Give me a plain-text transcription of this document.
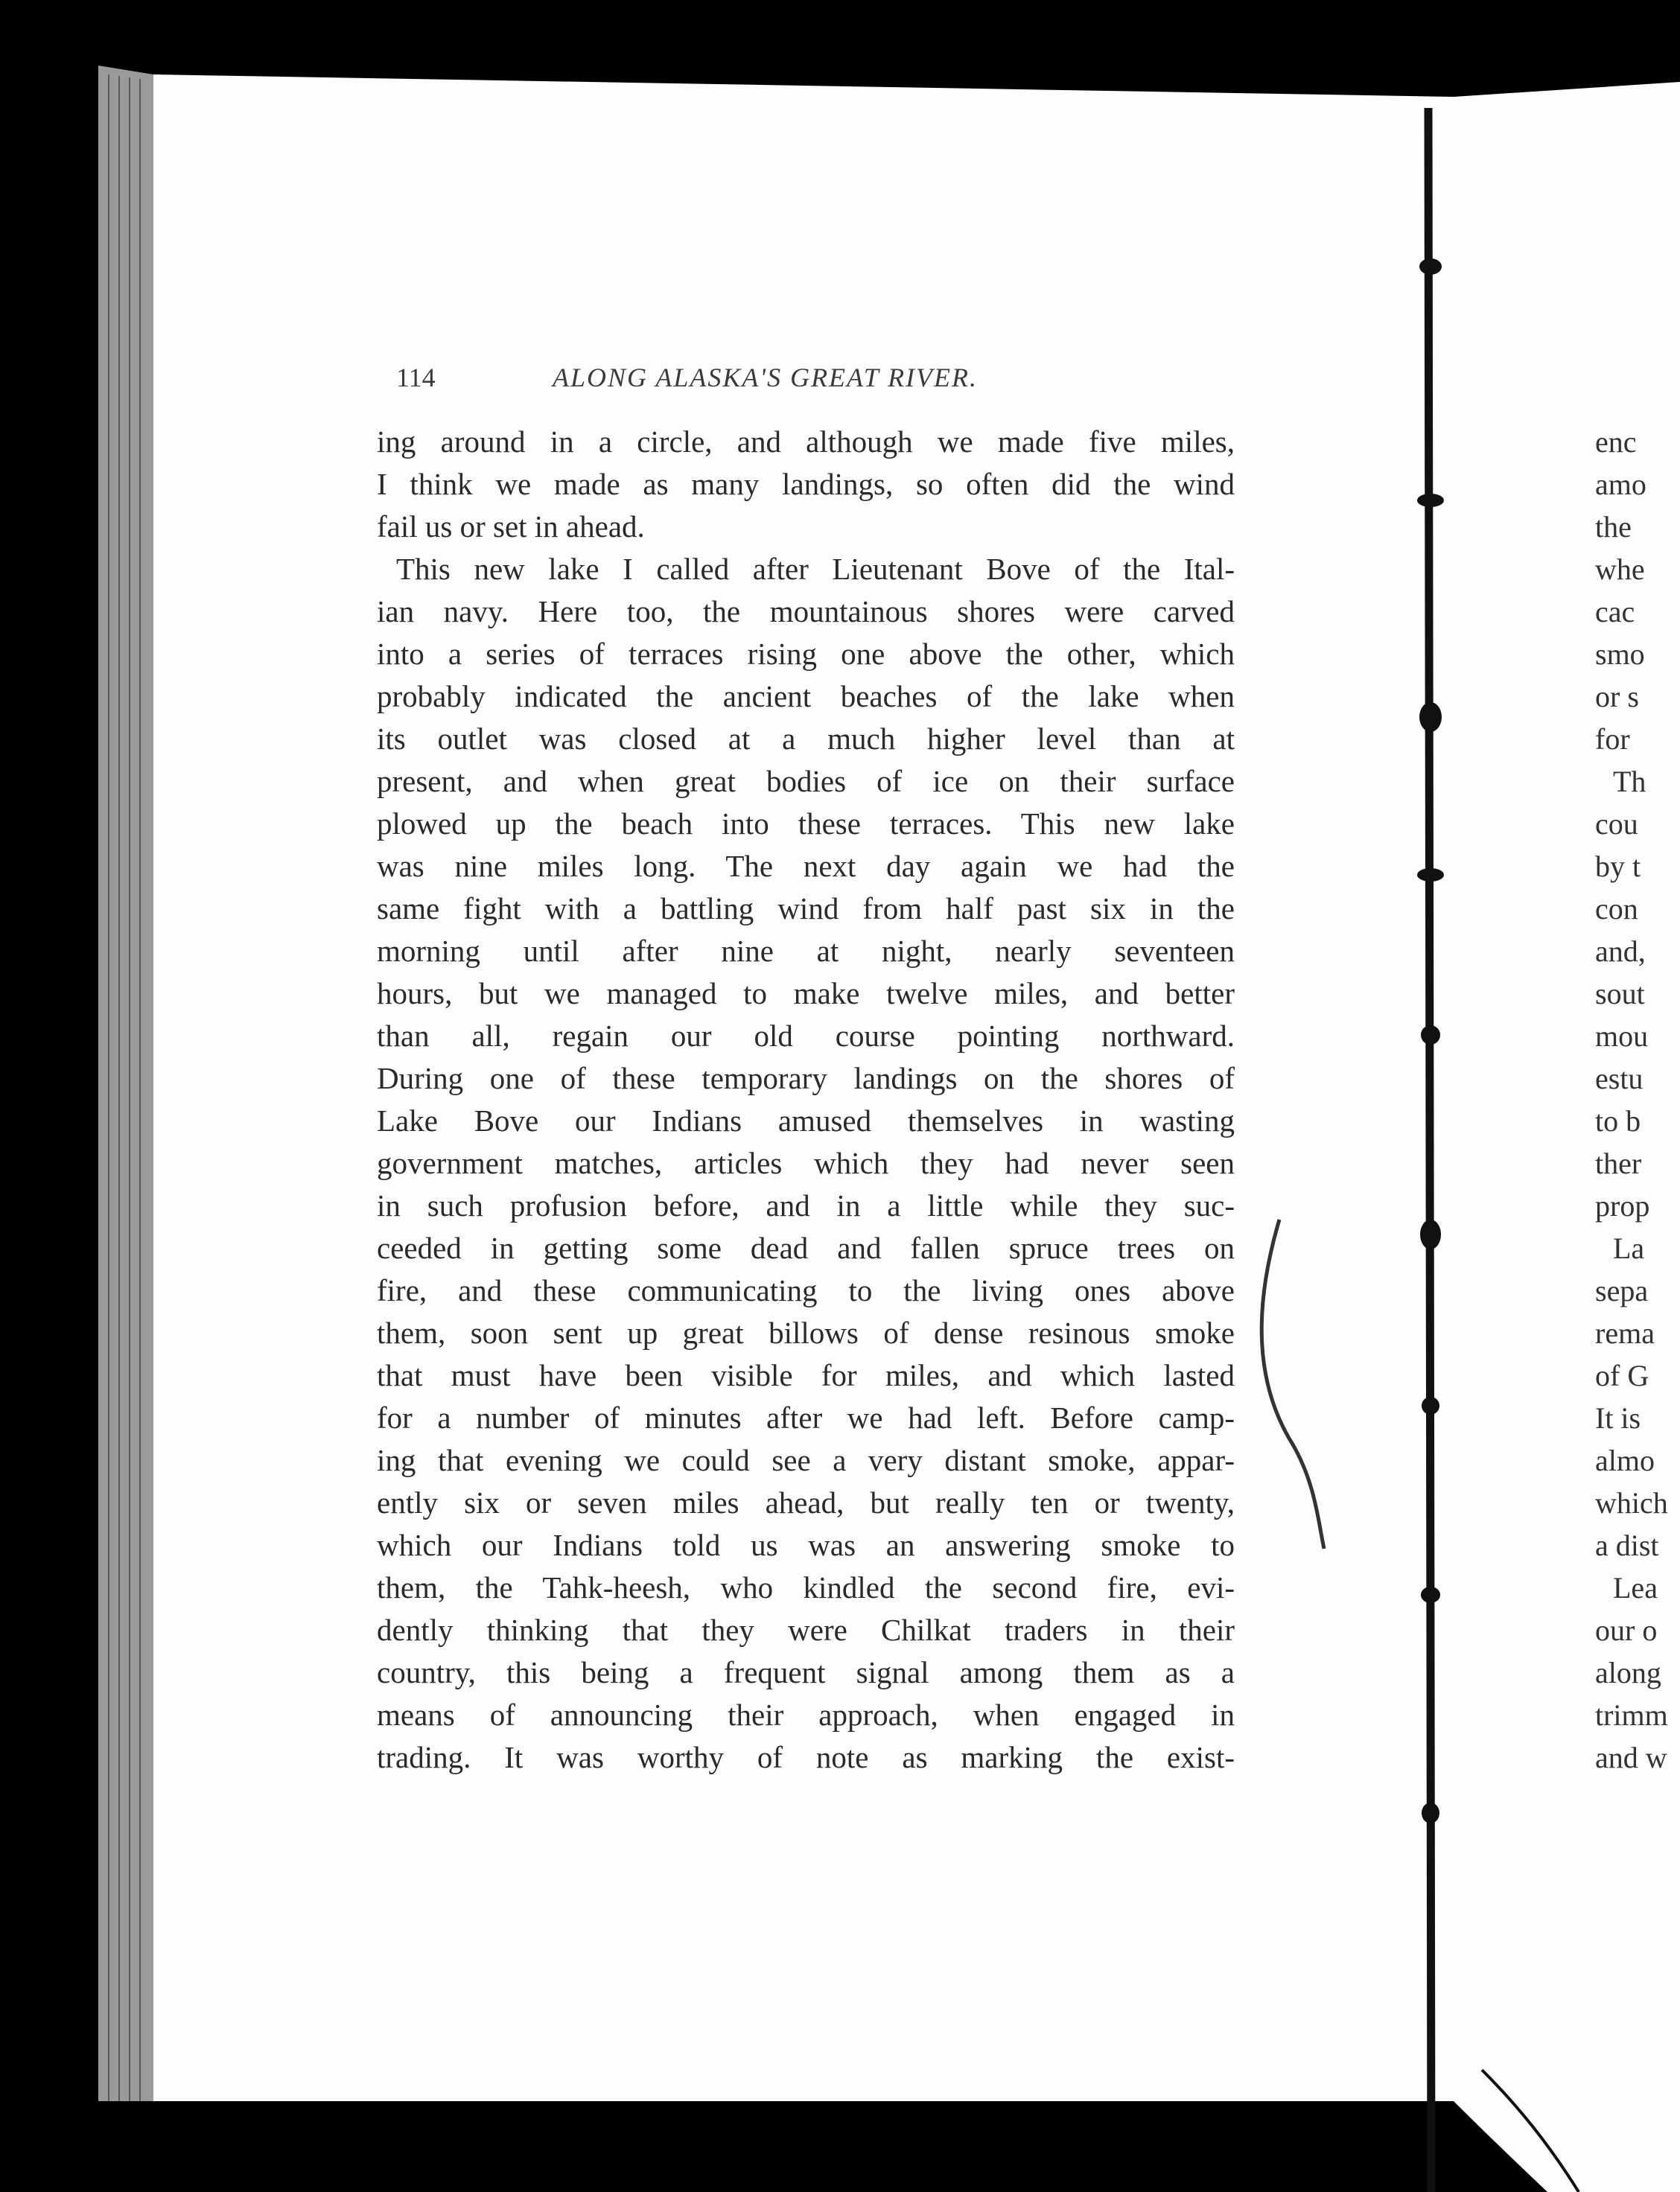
114	ALONG ALASKA'S GREAT RIVER.
ing around in a circle, and although we made five miles,
I think we made as many landings, so often did the wind
fail us or set in ahead.
This new lake I called after Lieutenant Bove of the Ital-
ian navy. Here too, the mountainous shores were carved
into a series of terraces rising one above the other, which
probably indicated the ancient beaches of the lake when
its outlet was closed at a much higher level than at
present, and when great bodies of ice on their surface
plowed up the beach into these terraces. This new lake
was nine miles long. The next day again we had the
same fight with a battling wind from half past six in the
morning until after nine at night, nearly seventeen
hours, but we managed to make twelve miles, and better
than all, regain our old course pointing northward.
During one of these temporary landings on the shores of
Lake Bove our Indians amused themselves in wasting
government matches, articles which they had never seen
in such profusion before, and in a little while they suc-
ceeded in getting some dead and fallen spruce trees on
fire, and these communicating to the living ones above
them, soon sent up great billows of dense resinous smoke
that must have been visible for miles, and which lasted
for a number of minutes after we had left. Before camp-
ing that evening we could see a very distant smoke, appar-
ently six or seven miles ahead, but really ten or twenty,
which our Indians told us was an answering smoke to
them, the Tahk-heesh, who kindled the second fire, evi-
dently thinking that they were Chilkat traders in their
country, this being a frequent signal among them as a
means of announcing their approach, when engaged in
trading. It was worthy of note as marking the exist-
enc
amo
the
whe
cac
smo
or s
for
Th
cou
by t
con
and,
sout
mou
estu
to b
ther
prop
La
sepa
rema
of G
It is
almo
which
a dist
Lea
our o
along
trimm
and w
